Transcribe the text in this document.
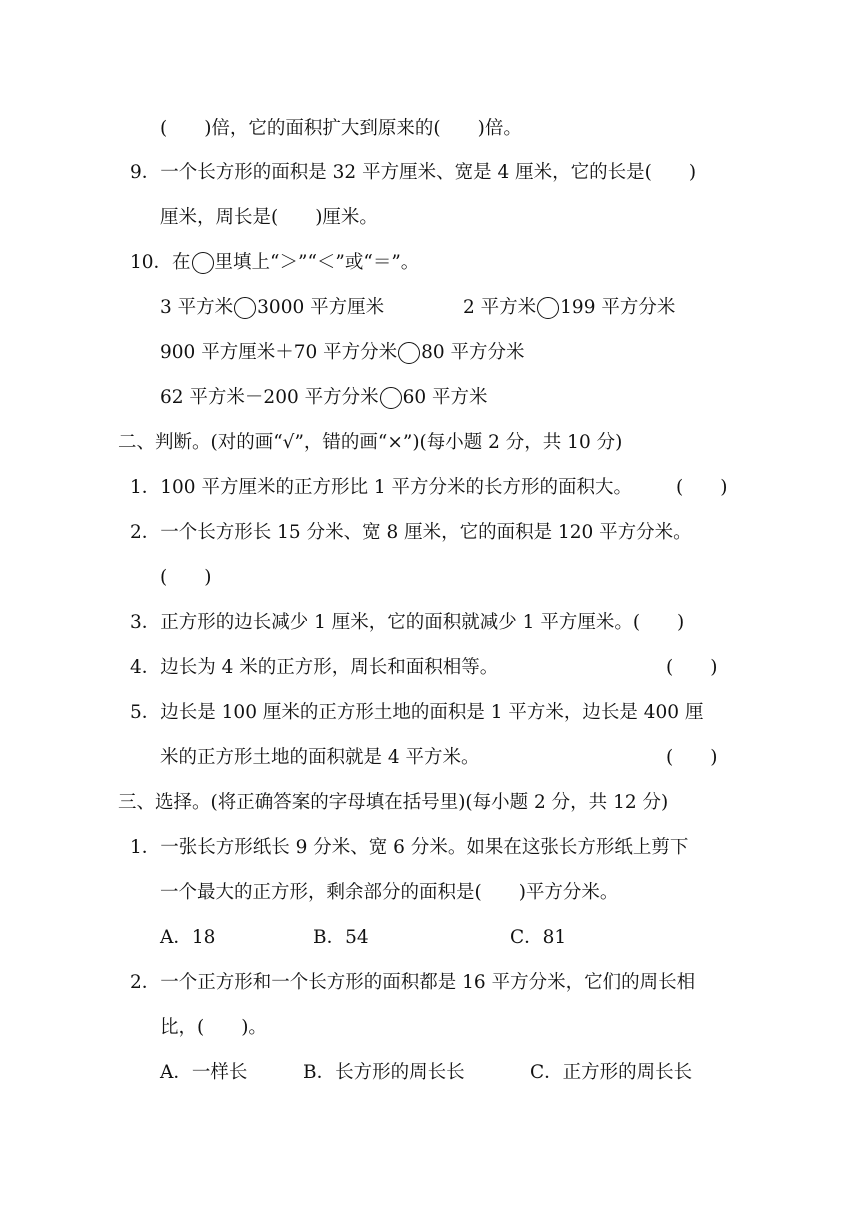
(　　)倍，它的面积扩大到原来的(　　)倍。
9．一个长方形的面积是 32 平方厘米、宽是 4 厘米，它的长是(　　)
厘米，周长是(　　)厘米。
10．在 里填上“＞”“＜”或“＝”。
3 平方米 3000 平方厘米	2 平方米 199 平方分米
900 平方厘米＋70 平方分米 80 平方分米
62 平方米－200 平方分米 60 平方米
二、判断。(对的画“√”，错的画“×”)(每小题 2 分，共 10 分)
1．100 平方厘米的正方形比 1 平方分米的长方形的面积大。 (　　)
2．一个长方形长 15 分米、宽 8 厘米，它的面积是 120 平方分米。
(　　)
3．正方形的边长减少 1 厘米，它的面积就减少 1 平方厘米。(　　)
4．边长为 4 米的正方形，周长和面积相等。	(　　)
5．边长是 100 厘米的正方形土地的面积是 1 平方米，边长是 400 厘
米的正方形土地的面积就是 4 平方米。	(　　)
三、选择。(将正确答案的字母填在括号里)(每小题 2 分，共 12 分)
1．一张长方形纸长 9 分米、宽 6 分米。如果在这张长方形纸上剪下
一个最大的正方形，剩余部分的面积是(　　)平方分米。
A．18	B．54	C．81
2．一个正方形和一个长方形的面积都是 16 平方分米，它们的周长相
比，(　　)。
A．一样长	B．长方形的周长长	C．正方形的周长长
